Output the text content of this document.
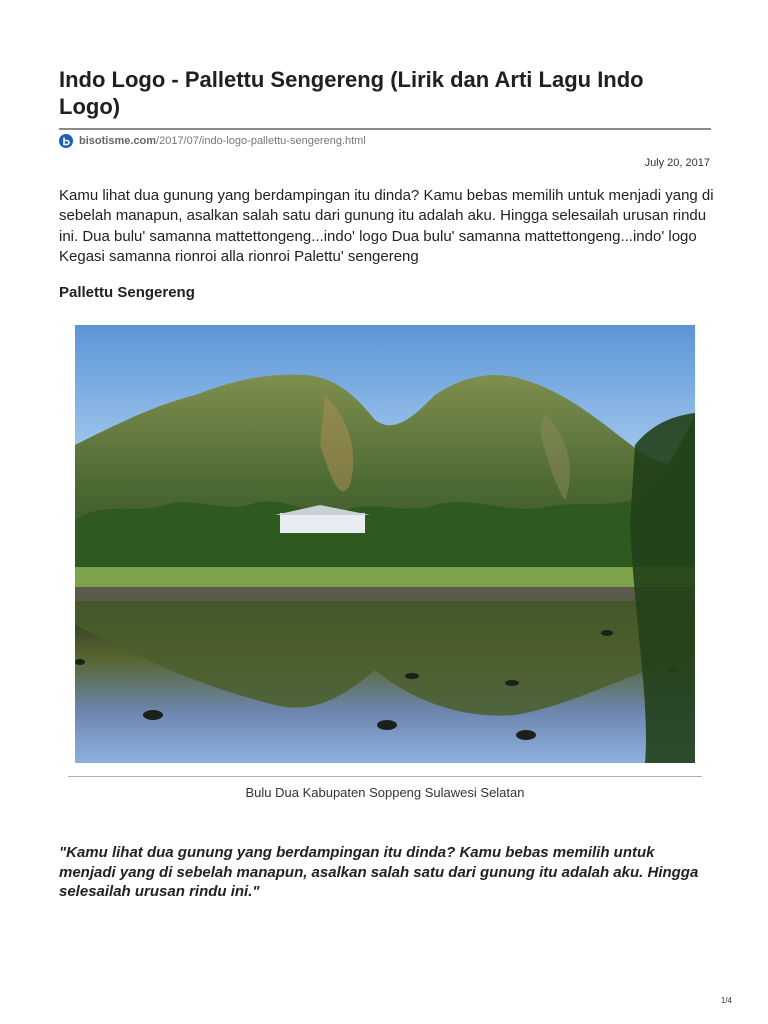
Indo Logo - Pallettu Sengereng (Lirik dan Arti Lagu Indo Logo)
bisotisme.com /2017/07/indo-logo-pallettu-sengereng.html
July 20, 2017

Kamu lihat dua gunung yang berdampingan itu dinda? Kamu bebas memilih untuk menjadi yang di sebelah manapun, asalkan salah satu dari gunung itu adalah aku. Hingga selesailah urusan rindu ini. Dua bulu' samanna mattettongeng...indo' logo Dua bulu' samanna mattettongeng...indo' logo Kegasi samanna rionroi alla rionroi Palettu' sengereng

Pallettu Sengereng
Bulu Dua Kabupaten Soppeng Sulawesi Selatan

"Kamu lihat dua gunung yang berdampingan itu dinda? Kamu bebas memilih untuk menjadi yang di sebelah manapun, asalkan salah satu dari gunung itu adalah aku. Hingga selesailah urusan rindu ini."

1/4
